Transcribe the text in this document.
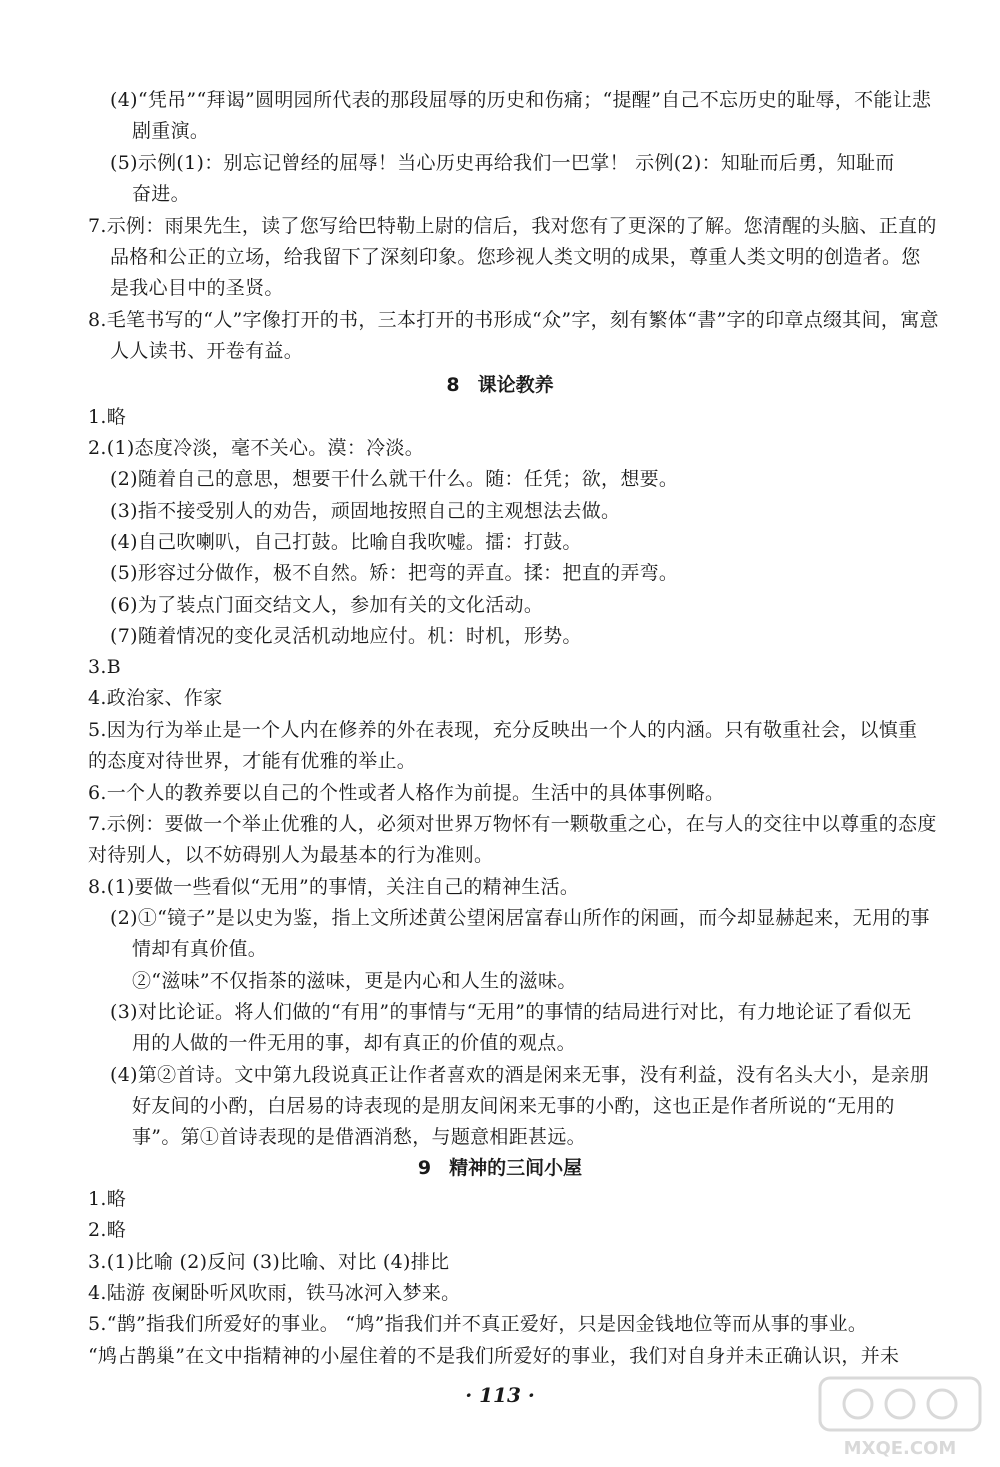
(4)“凭吊”“拜谒”圆明园所代表的那段屈辱的历史和伤痛；“提醒”自己不忘历史的耻辱，不能让悲
剧重演。
(5)示例(1)：别忘记曾经的屈辱！当心历史再给我们一巴掌！ 示例(2)：知耻而后勇，知耻而
奋进。
7.示例：雨果先生，读了您写给巴特勒上尉的信后，我对您有了更深的了解。您清醒的头脑、正直的
品格和公正的立场，给我留下了深刻印象。您珍视人类文明的成果，尊重人类文明的创造者。您
是我心目中的圣贤。
8.毛笔书写的“人”字像打开的书，三本打开的书形成“众”字，刻有繁体“書”字的印章点缀其间，寓意
人人读书、开卷有益。
8 课论教养
1.略
2.(1)态度冷淡，毫不关心。漠：冷淡。
(2)随着自己的意思，想要干什么就干什么。随：任凭；欲，想要。
(3)指不接受别人的劝告，顽固地按照自己的主观想法去做。
(4)自己吹喇叭，自己打鼓。比喻自我吹嘘。擂：打鼓。
(5)形容过分做作，极不自然。矫：把弯的弄直。揉：把直的弄弯。
(6)为了装点门面交结文人，参加有关的文化活动。
(7)随着情况的变化灵活机动地应付。机：时机，形势。
3.B
4.政治家、作家
5.因为行为举止是一个人内在修养的外在表现，充分反映出一个人的内涵。只有敬重社会，以慎重
的态度对待世界，才能有优雅的举止。
6.一个人的教养要以自己的个性或者人格作为前提。生活中的具体事例略。
7.示例：要做一个举止优雅的人，必须对世界万物怀有一颗敬重之心，在与人的交往中以尊重的态度
对待别人，以不妨碍别人为最基本的行为准则。
8.(1)要做一些看似“无用”的事情，关注自己的精神生活。
(2)①“镜子”是以史为鉴，指上文所述黄公望闲居富春山所作的闲画，而今却显赫起来，无用的事
情却有真价值。
②“滋味”不仅指茶的滋味，更是内心和人生的滋味。
(3)对比论证。将人们做的“有用”的事情与“无用”的事情的结局进行对比，有力地论证了看似无
用的人做的一件无用的事，却有真正的价值的观点。
(4)第②首诗。文中第九段说真正让作者喜欢的酒是闲来无事，没有利益，没有名头大小，是亲朋
好友间的小酌，白居易的诗表现的是朋友间闲来无事的小酌，这也正是作者所说的“无用的
事”。第①首诗表现的是借酒消愁，与题意相距甚远。
9 精神的三间小屋
1.略
2.略
3.(1)比喻 (2)反问 (3)比喻、对比 (4)排比
4.陆游 夜阑卧听风吹雨，铁马冰河入梦来。
5.“鹊”指我们所爱好的事业。 “鸠”指我们并不真正爱好，只是因金钱地位等而从事的事业。
“鸠占鹊巢”在文中指精神的小屋住着的不是我们所爱好的事业，我们对自身并未正确认识，并未
· 113 ·
MXQE.COM
